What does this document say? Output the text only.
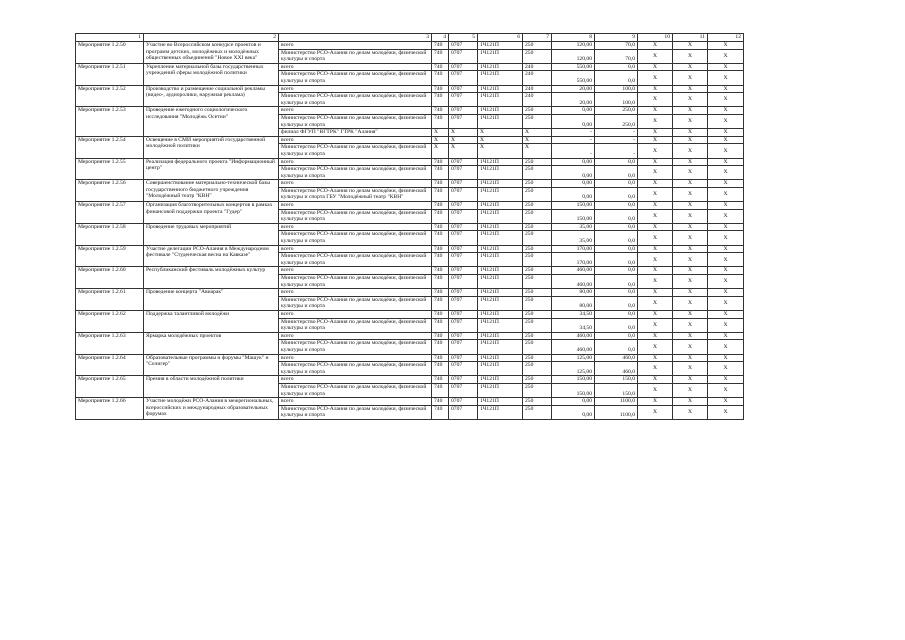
1	2	3	4	5	6	7	8	9	10	11	12
Мероприятие 1.2.50	Участие во Всероссийском конкурсе проектов и программ детских, молодёжных и молодёжных общественных объединений "Новое ХХI века"	всего	740	0707	1Ч121П	250	120,00	70,0	Х	Х	Х
		Министерство РСО-Алания по делам молодёжи, физической культуры и спорта	740	0707	1Ч121П	250	120,00	70,0	Х	Х	Х
Мероприятие 1.2.51	Укрепление материальной базы государственных учреждений сферы молодёжной политики	всего	740	0707	1Ч121П	240	550,00	0,0	Х	Х	Х
		Министерство РСО-Алания по делам молодёжи, физической культуры и спорта	740	0707	1Ч121П	240	550,00	0,0	Х	Х	Х
Мероприятие 1.2.52	Производство и размещение социальной рекламы (видео-, аудиоролики, наружная реклама)	всего	740	0707	1Ч121П	240	20,00	100,0	Х	Х	Х
		Министерство РСО-Алания по делам молодёжи, физической культуры и спорта	740	0707	1Ч121П	240	20,00	100,0	Х	Х	Х
Мероприятие 1.2.53	Проведение ежегодного социологического исследования "Молодёжь Осетии"	всего	740	0707	1Ч121П	250	0,00	250,0	Х	Х	Х
		Министерство РСО-Алания по делам молодёжи, физической культуры и спорта	740	0707	1Ч121П	250	0,00	250,0	Х	Х	Х
		филиал ФГУП "ВГТРК" ГТРК "Алания"	Х	Х	Х	Х	-	-	Х	Х	Х
Мероприятие 1.2.54	Освещение в СМИ мероприятий государственной молодёжной политики	всего	Х	Х	Х	Х	-	-	Х	Х	Х
		Министерство РСО-Алания по делам молодёжи, физической культуры и спорта	Х	Х	Х	Х	-	-	Х	Х	Х
Мероприятие 1.2.55	Реализация федерального проекта "Информационный центр"	всего	740	0707	1Ч121П	250	0,00	0,0	Х	Х	Х
		Министерство РСО-Алания по делам молодёжи, физической культуры и спорта	740	0707	1Ч121П	250	0,00	0,0	Х	Х	Х
Мероприятие 1.2.56	Совершенствование материально-технической базы государственного бюджетного учреждения "Молодёжный театр "КВН"	всего	740	0707	1Ч121П	250	0,00	0,0	Х	Х	Х
		Министерство РСО-Алания по делам молодёжи, физической культуры и спорта ГБУ "Молодёжный театр "КВН"	740	0707	1Ч121П	250	0,00	0,0	Х	Х	Х
Мероприятие 1.2.57	Организация благотворительных концертов в рамках финансовой поддержки проекта "Гудер"	всего	740	0707	1Ч121П	250	150,00	0,0	Х	Х	Х
		Министерство РСО-Алания по делам молодёжи, физической культуры и спорта	740	0707	1Ч121П	250	150,00	0,0	Х	Х	Х
Мероприятие 1.2.58	Проведение трудовых мероприятий	всего	740	0707	1Ч121П	250	35,00	0,0	Х	Х	Х
		Министерство РСО-Алания по делам молодёжи, физической культуры и спорта	740	0707	1Ч121П	250	35,00	0,0	Х	Х	Х
Мероприятие 1.2.59	Участие делегации РСО-Алания в Международном фестивале "Студенческая весна на Кавказе"	всего	740	0707	1Ч121П	250	170,00	0,0	Х	Х	Х
		Министерство РСО-Алания по делам молодёжи, физической культуры и спорта	740	0707	1Ч121П	250	170,00	0,0	Х	Х	Х
Мероприятие 1.2.60	Республиканский фестиваль молодёжных культур	всего	740	0707	1Ч121П	250	460,00	0,0	Х	Х	Х
		Министерство РСО-Алания по делам молодёжи, физической культуры и спорта	740	0707	1Ч121П	250	460,00	0,0	Х	Х	Х
Мероприятие 1.2.61	Проведение концерта "Авиарак"	всего	740	0707	1Ч121П	250	80,00	0,0	Х	Х	Х
		Министерство РСО-Алания по делам молодёжи, физической культуры и спорта	740	0707	1Ч121П	250	80,00	0,0	Х	Х	Х
Мероприятие 1.2.62	Поддержка талантливой молодёжи	всего	740	0707	1Ч121П	250	34,50	0,0	Х	Х	Х
		Министерство РСО-Алания по делам молодёжи, физической культуры и спорта	740	0707	1Ч121П	250	34,50	0,0	Х	Х	Х
Мероприятие 1.2.63	Ярмарка молодёжных проектов	всего	740	0707	1Ч121П	250	460,00	0,0	Х	Х	Х
		Министерство РСО-Алания по делам молодёжи, физической культуры и спорта	740	0707	1Ч121П	250	460,00	0,0	Х	Х	Х
Мероприятие 1.2.64	Образовательные программы и форумы "Машук" и "Селигер"	всего	740	0707	1Ч121П	250	125,00	460,0	Х	Х	Х
		Министерство РСО-Алания по делам молодёжи, физической культуры и спорта	740	0707	1Ч121П	250	125,00	460,0	Х	Х	Х
Мероприятие 1.2.65	Премия в области молодёжной политики	всего	740	0707	1Ч121П	250	150,00	150,0	Х	Х	Х
		Министерство РСО-Алания по делам молодёжи, физической культуры и спорта	740	0707	1Ч121П	250	150,00	150,0	Х	Х	Х
Мероприятие 1.2.66	Участие молодёжи РСО-Алания в межрегиональных, всероссийских и международных образовательных форумах	всего	740	0707	1Ч121П	250	0,00	1100,0	Х	Х	Х
		Министерство РСО-Алания по делам молодёжи, физической культуры и спорта	740	0707	1Ч121П	250	0,00	1100,0	Х	Х	Х
